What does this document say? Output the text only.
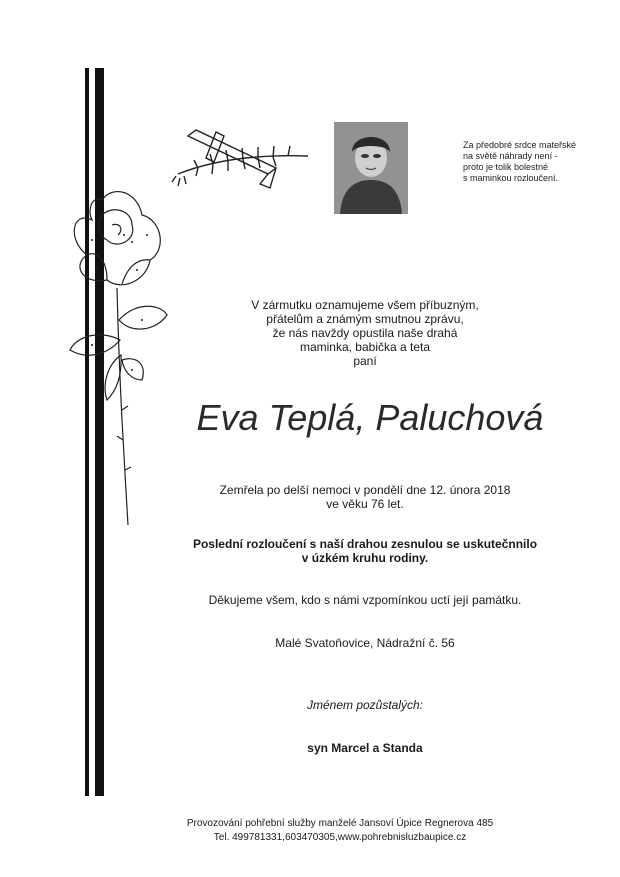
Za předobré srdce mateřské
na světě náhrady není -
proto je tolik bolestné
s maminkou rozloučení.
V zármutku oznamujeme všem příbuzným,
přátelům a známým smutnou zprávu,
že nás navždy opustila naše drahá
maminka, babička a teta
paní
Eva Teplá, Paluchová
Zemřela po delší nemoci v pondělí dne 12. února 2018
ve věku 76 let.
Poslední rozloučení s naší drahou zesnulou se uskutečnnilo
v úzkém kruhu rodiny.
Děkujeme všem, kdo s námi vzpomínkou uctí její památku.
Malé Svatoňovice, Nádražní č. 56
Jménem pozůstalých:
syn Marcel a Standa
Provozování pohřební služby manželé Jansoví Úpice Regnerova 485
Tel. 499781331,603470305,www.pohrebnisluzbaupice.cz
